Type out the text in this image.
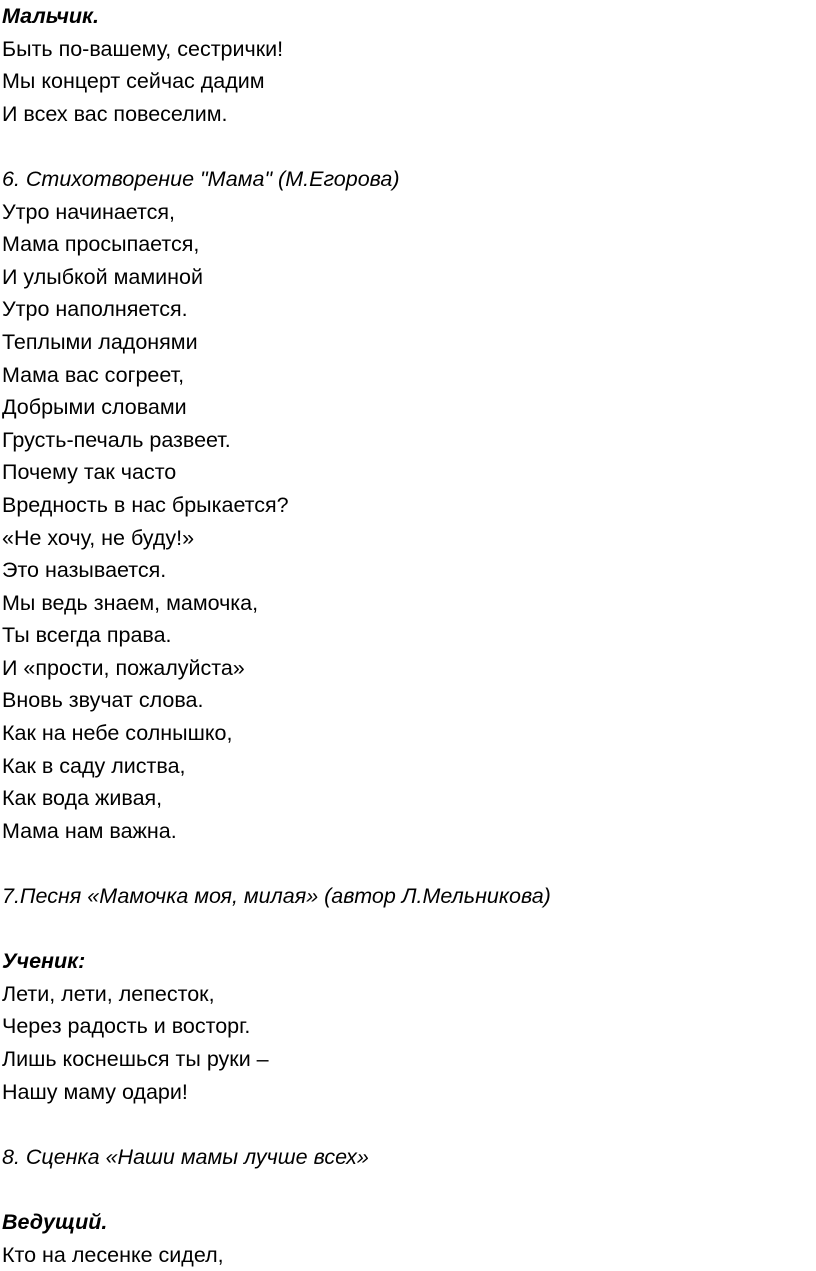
Мальчик.
Быть по-вашему, сестрички!
Мы концерт сейчас дадим
И всех вас повеселим.
6. Стихотворение "Мама" (М.Егорова)
Утро начинается,
Мама просыпается,
И улыбкой маминой
Утро наполняется.
Теплыми ладонями
Мама вас согреет,
Добрыми словами
Грусть-печаль развеет.
Почему так часто
Вредность в нас брыкается?
«Не хочу, не буду!»
Это называется.
Мы ведь знаем, мамочка,
Ты всегда права.
И «прости, пожалуйста»
Вновь звучат слова.
Как на небе солнышко,
Как в саду листва,
Как вода живая,
Мама нам важна.
7.Песня «Мамочка моя, милая» (автор Л.Мельникова)
Ученик:
Лети, лети, лепесток,
Через радость и восторг.
Лишь коснешься ты руки –
Нашу маму одари!
8. Сценка «Наши мамы лучше всех»
Ведущий.
Кто на лесенке сидел,
